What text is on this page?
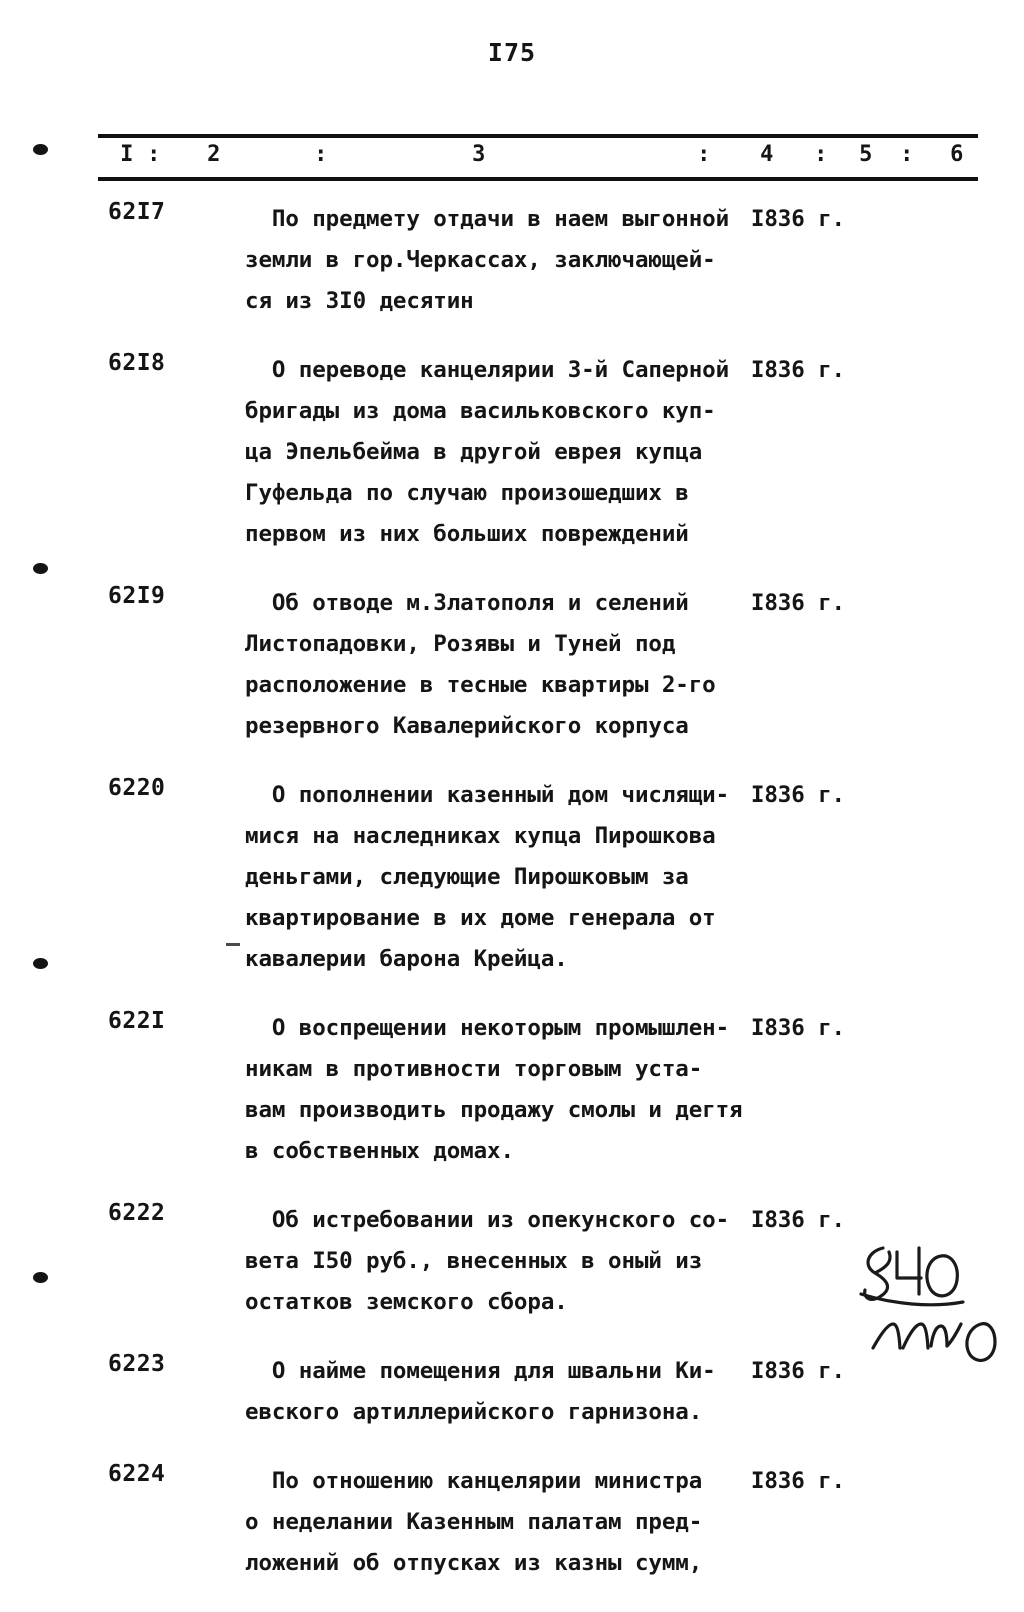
I75
I : 2	:	3	: 4 : 5 : 6
62I7	По предмету отдачи в наем выгонной I836 г.
земли в гор.Черкассах, заключающей-
ся из 3I0 десятин
62I8	О переводе канцелярии 3-й Саперной I836 г.
бригады из дома васильковского куп-
ца Эпельбейма в другой еврея купца
Гуфельда по случаю произошедших в
первом из них больших повреждений
62I9	Об отводе м.Златополя и селений	I836 г.
Листопадовки, Розявы и Туней под
расположение в тесные квартиры 2-го
резервного Кавалерийского корпуса
6220	О пополнении казенный дом числящи- I836 г.
мися на наследниках купца Пирошкова
деньгами, следующие Пирошковым за
квартирование в их доме генерала от
кавалерии барона Крейца.
622I	О воспрещении некоторым промышлен- I836 г.
никам в противности торговым уста-
вам производить продажу смолы и дегтя
в собственных домах.
6222	Об истребовании из опекунского со- I836 г.
вета I50 руб., внесенных в оный из
остатков земского сбора.
6223	О найме помещения для швальни Ки- I836 г.
евского артиллерийского гарнизона.
6224	По отношению канцелярии министра I836 г.
о неделании Казенным палатам пред-
ложений об отпусках из казны сумм,
